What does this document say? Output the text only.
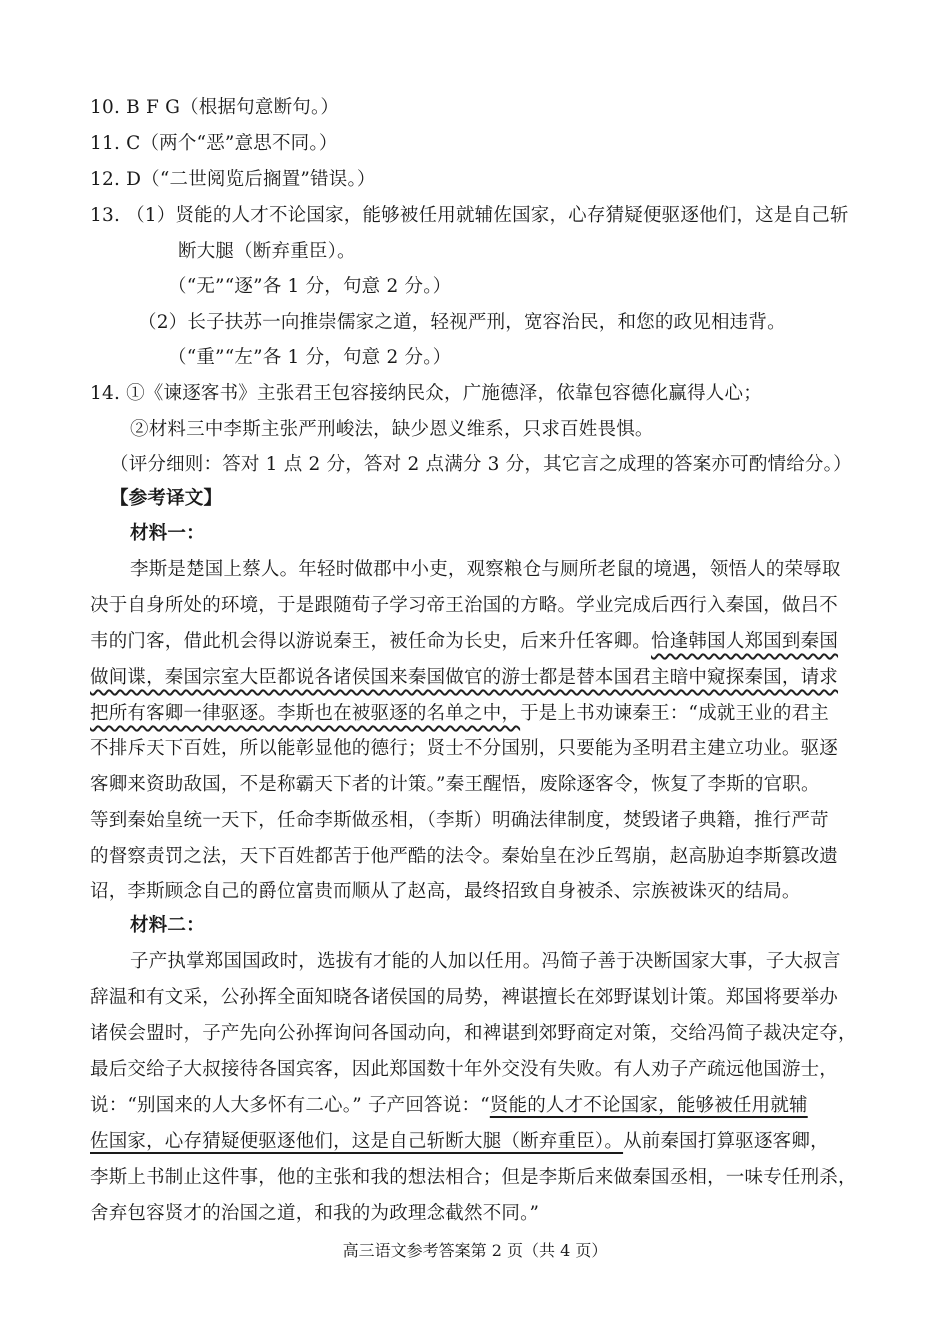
10. B F G（根据句意断句。）
11. C（两个“恶”意思不同。）
12. D（“二世阅览后搁置”错误。）
13. （1）贤能的人才不论国家，能够被任用就辅佐国家，心存猜疑便驱逐他们，这是自己斩
断大腿（断弃重臣）。
（“无”“逐”各 1 分，句意 2 分。）
（2）长子扶苏一向推崇儒家之道，轻视严刑，宽容治民，和您的政见相违背。
（“重”“左”各 1 分，句意 2 分。）
14. ①《谏逐客书》主张君王包容接纳民众，广施德泽，依靠包容德化赢得人心；
②材料三中李斯主张严刑峻法，缺少恩义维系，只求百姓畏惧。
（评分细则：答对 1 点 2 分，答对 2 点满分 3 分，其它言之成理的答案亦可酌情给分。）
【参考译文】
材料一：
李斯是楚国上蔡人。年轻时做郡中小吏，观察粮仓与厕所老鼠的境遇，领悟人的荣辱取
决于自身所处的环境，于是跟随荀子学习帝王治国的方略。学业完成后西行入秦国，做吕不
韦的门客，借此机会得以游说秦王，被任命为长史，后来升任客卿。恰逢韩国人郑国到秦国
做间谍，秦国宗室大臣都说各诸侯国来秦国做官的游士都是替本国君主暗中窥探秦国，请求
把所有客卿一律驱逐。李斯也在被驱逐的名单之中，于是上书劝谏秦王：“成就王业的君主
不排斥天下百姓，所以能彰显他的德行；贤士不分国别，只要能为圣明君主建立功业。驱逐
客卿来资助敌国，不是称霸天下者的计策。”秦王醒悟，废除逐客令，恢复了李斯的官职。
等到秦始皇统一天下，任命李斯做丞相，（李斯）明确法律制度，焚毁诸子典籍，推行严苛
的督察责罚之法，天下百姓都苦于他严酷的法令。秦始皇在沙丘驾崩，赵高胁迫李斯篡改遗
诏，李斯顾念自己的爵位富贵而顺从了赵高，最终招致自身被杀、宗族被诛灭的结局。
材料二：
子产执掌郑国国政时，选拔有才能的人加以任用。冯简子善于决断国家大事，子大叔言
辞温和有文采，公孙挥全面知晓各诸侯国的局势，裨谌擅长在郊野谋划计策。郑国将要举办
诸侯会盟时，子产先向公孙挥询问各国动向，和裨谌到郊野商定对策，交给冯简子裁决定夺，
最后交给子大叔接待各国宾客，因此郑国数十年外交没有失败。有人劝子产疏远他国游士，
说：“别国来的人大多怀有二心。” 子产回答说：“贤能的人才不论国家，能够被任用就辅
佐国家，心存猜疑便驱逐他们，这是自己斩断大腿（断弃重臣）。从前秦国打算驱逐客卿，
李斯上书制止这件事，他的主张和我的想法相合；但是李斯后来做秦国丞相，一味专任刑杀，
舍弃包容贤才的治国之道，和我的为政理念截然不同。”
高三语文参考答案第 2 页（共 4 页）
